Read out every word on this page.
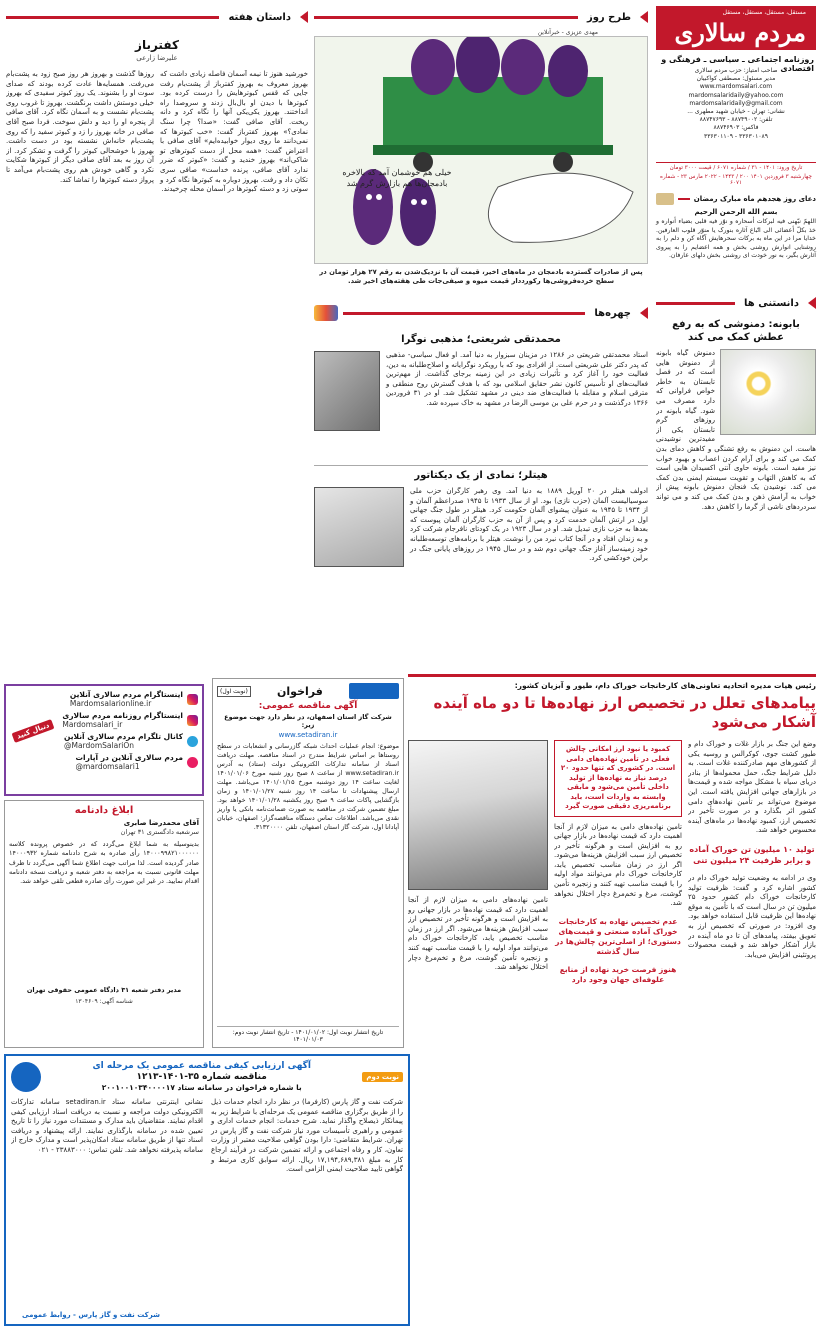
مستقل، مستقل، مستقل، مستقل
مردم سالاری
روزنامه اجتماعی ـ سیاسی ـ فرهنگی و اقتصادی
صاحب امتیاز: حزب مردم سالاری
مدیر مسئول: مصطفی کواکبیان
www.mardomsalari.com
mardomsalaridaily@yahoo.com
mardomsalaridaily@gmail.com
نشانی: تهران - خیابان شهید مطهری ...
تلفن: ۸۸۷۴۹۰۰۲ - ۸۸۷۴۷۶۹۳
فاکس: ۸۸۷۴۶۹۰۳
۳۳۶۳۰۱۰۸۹ - ۳۳۶۳۰۱۱۰۹
تاریخ ورود: ۱۴۰۱ - ۳۱ / شماره ۶۰۷۱ / قیمت ۳۰۰۰ تومان
چهارشنبه ۳ فروردین ۱۴۰۱ ۲۰۰ / ۱۴۴۳ - ۲۰۲۲ مارس ۲۳ - شماره ۶۰۷۱
دعای روز هجدهم ماه مبارک رمضان
بسم الله الرحمن الرحیم
اللهمّ نبّهنی فیه لبرکات أسحاره و نوّر فیه قلبی بضیاء أنواره و خذ بکلّ أعضائی الی اتّباع آثاره بنورک یا منوّر قلوب العارفین. خدایا مرا در این ماه به برکات سحرهایش آگاه کن و دلم را به روشنایی انوارش روشنی بخش و همه اعضایم را به پیروی آثارش بگیر، به نور خودت ای روشنی بخش دلهای عارفان.
دانستنی ها
بابونه: دمنوشی که به رفع عطش کمک می کند
دمنوش گیاه بابونه از دمنوش هایی است که در فصل تابستان به خاطر خواص فراوانی که دارد مصرف می شود. گیاه بابونه در روزهای گرم تابستان یکی از مفیدترین نوشیدنی هاست. این دمنوش به رفع تشنگی و کاهش دمای بدن کمک می کند و برای آرام کردن اعصاب و بهبود خواب نیز مفید است. بابونه حاوی آنتی اکسیدان هایی است که به کاهش التهاب و تقویت سیستم ایمنی بدن کمک می کند. نوشیدن یک فنجان دمنوش بابونه پیش از خواب به آرامش ذهن و بدن کمک می کند و می تواند سردردهای ناشی از گرما را کاهش دهد.
طرح روز
مهدی عزیزی - خبرآنلاین
خیلی هم خوشمان آمد که بالاخره بادمجان‌ها هم بازارش گرم شد
پس از صادرات گسترده بادمجان در ماه‌های اخیر، قیمت آن با نزدیک‌شدن به رقم ۲۷ هزار تومان در سطح خرده‌فروشی‌ها رکورددار قیمت میوه و صیفی‌جات طی هفته‌های اخیر شد.
چهره‌ها
محمدتقی شریعتی؛ مذهبی نوگرا
استاد محمدتقی شریعتی در ۱۲۸۶ در مزینان سبزوار به دنیا آمد. او فعال سیاسی- مذهبی که پدر دکتر علی شریعتی است. از افرادی بود که با رویکرد نوگرایانه و اصلاح‌طلبانه به دین، فعالیت خود را آغاز کرد و تأثیرات زیادی در این زمینه برجای گذاشت. از مهم‌ترین فعالیت‌های او تأسیس کانون نشر حقایق اسلامی بود که با هدف گسترش روح منطقی و مترقی اسلام و مقابله با فعالیت‌های ضد دینی در مشهد تشکیل شد. او در ۳۱ فروردین ۱۳۶۶ درگذشت و در حرم علی بن موسی الرضا در مشهد به خاک سپرده شد.
هیتلر؛ نمادی از یک دیکتاتور
ادولف هیتلر در ۲۰ آوریل ۱۸۸۹ به دنیا آمد. وی رهبر کارگران حزب ملی سوسیالیست آلمان (حزب نازی) بود. او از سال ۱۹۳۳ تا ۱۹۴۵ صدراعظم آلمان و از ۱۹۳۴ تا ۱۹۴۵ به عنوان پیشوای آلمان حکومت کرد. هیتلر در طول جنگ جهانی اول در ارتش آلمان خدمت کرد و پس از آن به حزب کارگران آلمان پیوست که بعدها به حزب نازی تبدیل شد. او در سال ۱۹۲۳ در یک کودتای نافرجام شرکت کرد و به زندان افتاد و در آنجا کتاب نبرد من را نوشت. هیتلر با برنامه‌های توسعه‌طلبانه خود زمینه‌ساز آغاز جنگ جهانی دوم شد و در سال ۱۹۴۵ در روزهای پایانی جنگ در برلین خودکشی کرد.
داستان هفته
کفترباز
علیرضا زارعی
خورشید هنوز تا نیمه آسمان فاصله زیادی داشت که بهروز معروف به بهروز کفترباز از پشت‌بام رفت جایی که قفس کبوترهایش را درست کرده بود. کبوترها با دیدن او بال‌بال زدند و سروصدا راه انداختند. بهروز یکی‌یکی آنها را نگاه کرد و دانه ریخت. آقای صافی گفت: «صدا؟ چرا سنگ نمادی؟» بهروز کفترباز گفت: «خب کبوترها که نمی‌دانند ما روی دیوار خوابیده‌ایم» آقای صافی با اعتراض گفت: «همه محل از دست کبوترهای تو شاکی‌اند» بهروز خندید و گفت: «کبوتر که ضرر ندارد آقای صافی، پرنده خداست» صافی سری تکان داد و رفت. بهروز دوباره به کبوترها نگاه کرد و سوتی زد و دسته کبوترها در آسمان محله چرخیدند.
روزها گذشت و بهروز هر روز صبح زود به پشت‌بام می‌رفت. همسایه‌ها عادت کرده بودند که صدای سوت او را بشنوند. یک روز کبوتر سفیدی که بهروز خیلی دوستش داشت برنگشت. بهروز تا غروب روی پشت‌بام نشست و به آسمان نگاه کرد. آقای صافی از پنجره او را دید و دلش سوخت. فردا صبح آقای صافی در خانه بهروز را زد و کبوتر سفید را که روی پشت‌بام خانه‌اش نشسته بود در دست داشت. بهروز با خوشحالی کبوتر را گرفت و تشکر کرد. از آن روز به بعد آقای صافی دیگر از کبوترها شکایت نکرد و گاهی خودش هم روی پشت‌بام می‌آمد تا پرواز دسته کبوترها را تماشا کند.
رئیس هیات مدیره اتحادیه تعاونی‌های کارخانجات خوراک دام، طیور و آبزیان کشور:
پیامدهای تعلل در تخصیص ارز نهاده‌ها تا دو ماه آینده آشکار می‌شود
وضع این جنگ بر بازار غلات و خوراک دام و طیور کشت جوی، کوکرالس و روسیه یکی از کشورهای مهم صادرکننده غلات است. به دلیل شرایط جنگ، حمل محموله‌ها از بنادر دریای سیاه با مشکل مواجه شده و قیمت‌ها در بازارهای جهانی افزایش یافته است. این موضوع می‌تواند بر تأمین نهاده‌های دامی کشور اثر بگذارد و در صورت تأخیر در تخصیص ارز، کمبود نهاده‌ها در ماه‌های آینده محسوس خواهد شد.
تولید ۱۰ میلیون تن خوراک آماده و برابر ظرفیت ۲۴ میلیون تنی
وی در ادامه به وضعیت تولید خوراک دام در کشور اشاره کرد و گفت: ظرفیت تولید کارخانجات خوراک دام کشور حدود ۲۵ میلیون تن در سال است که با تأمین به موقع نهاده‌ها این ظرفیت قابل استفاده خواهد بود. وی افزود: در صورتی که تخصیص ارز به تعویق بیفتد، پیامدهای آن تا دو ماه آینده در بازار آشکار خواهد شد و قیمت محصولات پروتئینی افزایش می‌یابد.
کمبود یا نبود ارز امکانی چالش فعلی در تأمین نهاده‌های دامی است. در کشوری که تنها حدود ۲۰ درصد نیاز به نهاده‌ها از تولید داخلی تأمین می‌شود و مابقی وابسته به واردات است، باید برنامه‌ریزی دقیقی صورت گیرد
تامین نهاده‌های دامی به میزان لازم از آنجا اهمیت دارد که قیمت نهاده‌ها در بازار جهانی رو به افزایش است و هرگونه تأخیر در تخصیص ارز سبب افزایش هزینه‌ها می‌شود. اگر ارز در زمان مناسب تخصیص یابد، کارخانجات خوراک دام می‌توانند مواد اولیه را با قیمت مناسب تهیه کنند و زنجیره تأمین گوشت، مرغ و تخم‌مرغ دچار اختلال نخواهد شد.
عدم تخصیص نهاده به کارخانجات خوراک آماده صنعتی و قیمت‌های دستوری؛ از اصلی‌ترین چالش‌ها در سال گذشته
هنوز فرصت خرید نهاده از منابع علوفه‌ای جهان وجود دارد
تامین نهاده‌های دامی به میزان لازم از آنجا اهمیت دارد که قیمت نهاده‌ها در بازار جهانی رو به افزایش است و هرگونه تأخیر در تخصیص ارز سبب افزایش هزینه‌ها می‌شود. اگر ارز در زمان مناسب تخصیص یابد، کارخانجات خوراک دام می‌توانند مواد اولیه را با قیمت مناسب تهیه کنند و زنجیره تأمین گوشت، مرغ و تخم‌مرغ دچار اختلال نخواهد شد.
فراخوان
(نوبت اول)
آگهی مناقصه عمومی:
شرکت گاز استان اصفهان، در نظر دارد جهت موضوع زیر:
www.setadiran.ir
موضوع: انجام عملیات احداث شبکه گازرسانی و انشعابات در سطح روستاها بر اساس شرایط مندرج در اسناد مناقصه. مهلت دریافت اسناد از سامانه تدارکات الکترونیکی دولت (ستاد) به آدرس www.setadiran.ir از ساعت ۸ صبح روز شنبه مورخ ۱۴۰۱/۰۱/۰۶ لغایت ساعت ۱۴ روز دوشنبه مورخ ۱۴۰۱/۰۱/۱۵ می‌باشد. مهلت ارسال پیشنهادات تا ساعت ۱۴ روز شنبه ۱۴۰۱/۰۱/۲۷ و زمان بازگشایی پاکات ساعت ۹ صبح روز یکشنبه ۱۴۰۱/۰۱/۲۸ خواهد بود. مبلغ تضمین شرکت در مناقصه به صورت ضمانت‌نامه بانکی یا واریز نقدی می‌باشد. اطلاعات تماس دستگاه مناقصه‌گزار: اصفهان، خیابان آپادانا اول، شرکت گاز استان اصفهان، تلفن ۳۱۳۲۰۰۰۰.
تاریخ انتشار نوبت اول: ۱۴۰۱/۰۱/۰۲ - تاریخ انتشار نوبت دوم: ۱۴۰۱/۰۱/۰۳
اینستاگرام مردم سالاری آنلاین
Mardomsalarionline.ir
اینستاگرام روزنامه مردم سالاری
Mardomsalari_ir
کانال تلگرام مردم سالاری آنلاین
@MardomSalariOn
مردم سالاری آنلاین در آپارات
@mardomsalari1
دنبال کنید
ابلاغ دادنامه
آقای محمدرضا صابری
سرشعبه دادگستری ۳۱ تهران
بدینوسیله به شما ابلاغ می‌گردد که در خصوص پرونده کلاسه ۱۴۰۰۰۹۹۸۲۱۰۰۰۰۰۰ رأی صادره به شرح دادنامه شماره ۱۴۰۰۰۹۳۲ صادر گردیده است. لذا مراتب جهت اطلاع شما آگهی می‌گردد تا ظرف مهلت قانونی نسبت به مراجعه به دفتر شعبه و دریافت نسخه دادنامه اقدام نمایید. در غیر این صورت رأی صادره قطعی تلقی خواهد شد.
مدیر دفتر شعبه ۳۱ دادگاه عمومی حقوقی تهران
شناسه آگهی: ۱۳۰۴۶۰۹
نوبت دوم
آگهی ارزیابی کیفی مناقصه عمومی یک مرحله ای
مناقصه شماره ۳۵-۱۴۰۱-۱۲۱۳
با شماره فراخوان در سامانه ستاد ۲۰۰۱۰۰۱۰۳۴۰۰۰۰۱۷
شرکت نفت و گاز پارس (کارفرما) در نظر دارد انجام خدمات ذیل را از طریق برگزاری مناقصه عمومی یک مرحله‌ای با شرایط زیر به پیمانکار ذیصلاح واگذار نماید. شرح خدمات: انجام خدمات اداری و عمومی و راهبری تأسیسات مورد نیاز شرکت نفت و گاز پارس در تهران. شرایط متقاضی: دارا بودن گواهی صلاحیت معتبر از وزارت تعاون، کار و رفاه اجتماعی و ارائه تضمین شرکت در فرآیند ارجاع کار به مبلغ ۱۷,۱۹۴,۶۸۹,۳۸۱ ریال. ارائه سوابق کاری مرتبط و گواهی تایید صلاحیت ایمنی الزامی است.
نشانی اینترنتی سامانه ستاد setadiran.ir سامانه تدارکات الکترونیکی دولت مراجعه و نسبت به دریافت اسناد ارزیابی کیفی اقدام نمایند. متقاضیان باید مدارک و مستندات مورد نیاز را تا تاریخ تعیین شده در سامانه بارگذاری نمایند. ارائه پیشنهاد و دریافت اسناد تنها از طریق سامانه ستاد امکان‌پذیر است و مدارک خارج از سامانه پذیرفته نخواهد شد. تلفن تماس: ۲۳۸۸۳۰۰۰ - ۰۲۱
شرکت نفت و گاز پارس - روابط عمومی
